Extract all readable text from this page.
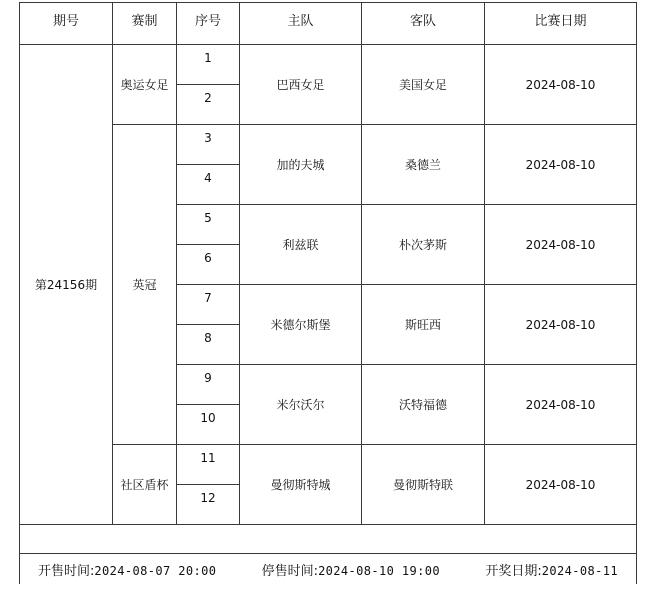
期号	赛制	序号	主队	客队	比赛日期
第24156期	奥运女足	1	巴西女足	美国女足	2024-08-10
		2			
	英冠	3	加的夫城	桑德兰	2024-08-10
		4			
		5	利兹联	朴次茅斯	2024-08-10
		6			
		7	米德尔斯堡	斯旺西	2024-08-10
		8			
		9	米尔沃尔	沃特福德	2024-08-10
		10			
	社区盾杯	11	曼彻斯特城	曼彻斯特联	2024-08-10
		12			

开售时间:2024-08-07 20:00 停售时间:2024-08-10 19:00 开奖日期:2024-08-11					
